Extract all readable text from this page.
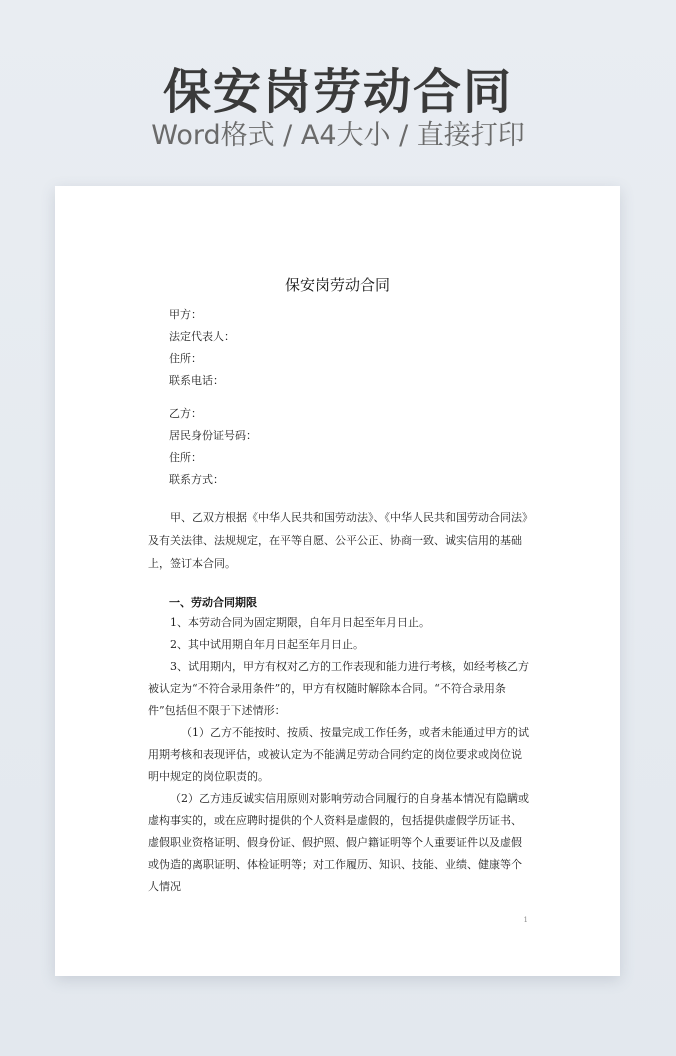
保安岗劳动合同
Word格式 / A4大小 / 直接打印
保安岗劳动合同
甲方：
法定代表人：
住所：
联系电话：
乙方：
居民身份证号码：
住所：
联系方式：

甲、乙双方根据《中华人民共和国劳动法》、《中华人民共和国劳动合同法》及有关法律、法规规定，在平等自愿、公平公正、协商一致、诚实信用的基础上，签订本合同。

一、劳动合同期限

1、本劳动合同为固定期限，自年月日起至年月日止。

2、其中试用期自年月日起至年月日止。

3、试用期内，甲方有权对乙方的工作表现和能力进行考核，如经考核乙方被认定为“不符合录用条件”的，甲方有权随时解除本合同。“不符合录用条件”包括但不限于下述情形：

（1）乙方不能按时、按质、按量完成工作任务，或者未能通过甲方的试用期考核和表现评估，或被认定为不能满足劳动合同约定的岗位要求或岗位说明中规定的岗位职责的。

（2）乙方违反诚实信用原则对影响劳动合同履行的自身基本情况有隐瞒或虚构事实的，或在应聘时提供的个人资料是虚假的，包括提供虚假学历证书、虚假职业资格证明、假身份证、假护照、假户籍证明等个人重要证件以及虚假或伪造的离职证明、体检证明等；对工作履历、知识、技能、业绩、健康等个人情况

1
